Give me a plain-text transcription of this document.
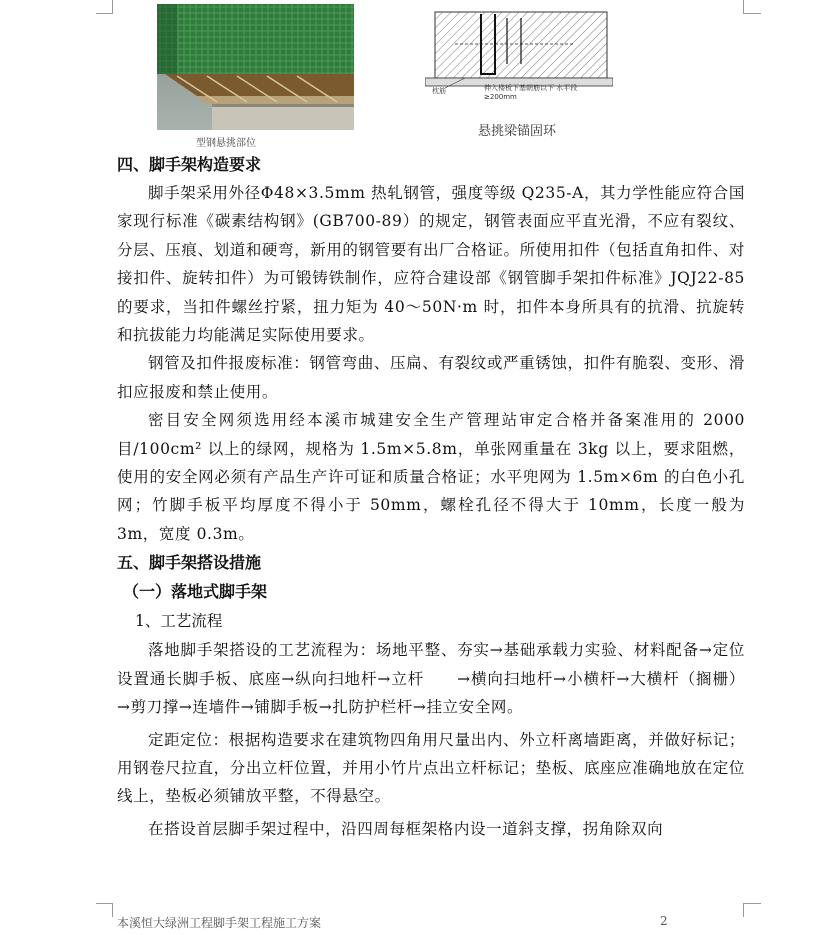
型钢悬挑部位
枕筋	伸入楼板下基朝筋以下 水平段≥200mm
悬挑梁锚固环
四、脚手架构造要求

脚手架采用外径Φ48×3.5mm 热轧钢管，强度等级 Q235-A，其力学性能应符合国家现行标准《碳素结构钢》(GB700-89）的规定，钢管表面应平直光滑，不应有裂纹、分层、压痕、划道和硬弯，新用的钢管要有出厂合格证。所使用扣件（包括直角扣件、对接扣件、旋转扣件）为可锻铸铁制作，应符合建设部《钢管脚手架扣件标准》JQJ22-85 的要求，当扣件螺丝拧紧，扭力矩为 40～50N·m 时，扣件本身所具有的抗滑、抗旋转和抗拔能力均能满足实际使用要求。

钢管及扣件报废标准：钢管弯曲、压扁、有裂纹或严重锈蚀，扣件有脆裂、变形、滑扣应报废和禁止使用。

密目安全网须选用经本溪市城建安全生产管理站审定合格并备案准用的 2000 目/100cm² 以上的绿网，规格为 1.5m×5.8m，单张网重量在 3kg 以上，要求阻燃，使用的安全网必须有产品生产许可证和质量合格证；水平兜网为 1.5m×6m 的白色小孔网；竹脚手板平均厚度不得小于 50mm，螺栓孔径不得大于 10mm，长度一般为 3m，宽度 0.3m。

五、脚手架搭设措施
（一）落地式脚手架
1、工艺流程

落地脚手架搭设的工艺流程为：场地平整、夯实→基础承载力实验、材料配备→定位设置通长脚手板、底座→纵向扫地杆→立杆　　→横向扫地杆→小横杆→大横杆（搁栅）→剪刀撑→连墙件→铺脚手板→扎防护栏杆→挂立安全网。

定距定位：根据构造要求在建筑物四角用尺量出内、外立杆离墙距离，并做好标记；用钢卷尺拉直，分出立杆位置，并用小竹片点出立杆标记；垫板、底座应准确地放在定位线上，垫板必须铺放平整，不得悬空。

在搭设首层脚手架过程中，沿四周每框架格内设一道斜支撑，拐角除双向

本溪恒大绿洲工程脚手架工程施工方案	2
